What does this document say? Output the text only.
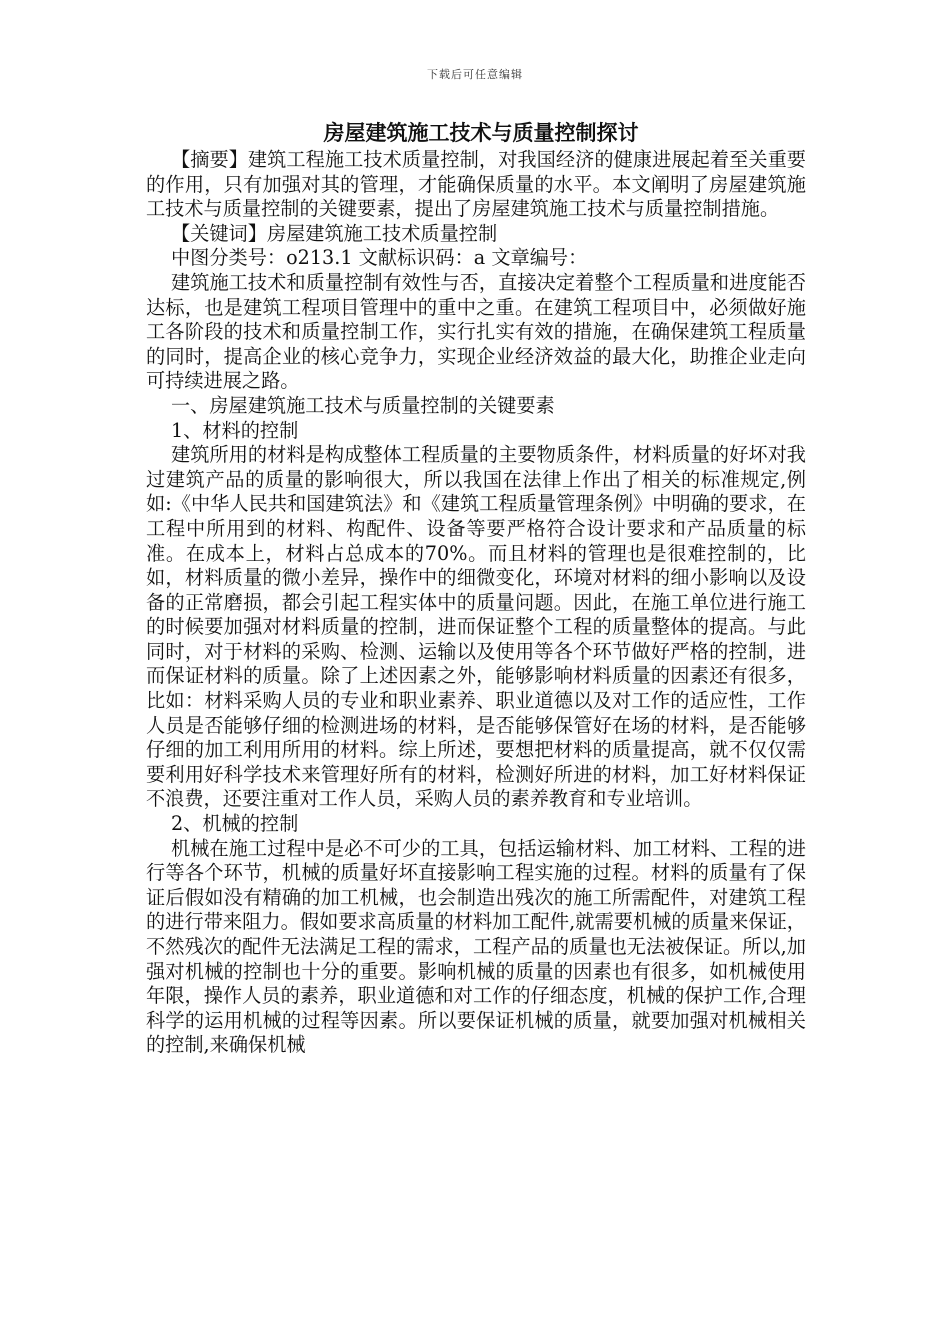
下载后可任意编辑
房屋建筑施工技术与质量控制探讨

【摘要】建筑工程施工技术质量控制，对我国经济的健康进展起着至关重要的作用，只有加强对其的管理，才能确保质量的水平。本文阐明了房屋建筑施工技术与质量控制的关键要素，提出了房屋建筑施工技术与质量控制措施。

【关键词】房屋建筑施工技术质量控制

中图分类号：o213.1 文献标识码：a 文章编号：

建筑施工技术和质量控制有效性与否，直接决定着整个工程质量和进度能否达标，也是建筑工程项目管理中的重中之重。在建筑工程项目中，必须做好施工各阶段的技术和质量控制工作，实行扎实有效的措施，在确保建筑工程质量的同时，提高企业的核心竞争力，实现企业经济效益的最大化，助推企业走向可持续进展之路。

一、房屋建筑施工技术与质量控制的关键要素

1、材料的控制

建筑所用的材料是构成整体工程质量的主要物质条件，材料质量的好坏对我过建筑产品的质量的影响很大，所以我国在法律上作出了相关的标准规定,例如:《中华人民共和国建筑法》和《建筑工程质量管理条例》中明确的要求，在工程中所用到的材料、构配件、设备等要严格符合设计要求和产品质量的标准。在成本上，材料占总成本的70%。而且材料的管理也是很难控制的，比如，材料质量的微小差异，操作中的细微变化，环境对材料的细小影响以及设备的正常磨损，都会引起工程实体中的质量问题。因此，在施工单位进行施工的时候要加强对材料质量的控制，进而保证整个工程的质量整体的提高。与此同时，对于材料的采购、检测、运输以及使用等各个环节做好严格的控制，进而保证材料的质量。除了上述因素之外，能够影响材料质量的因素还有很多，比如：材料采购人员的专业和职业素养、职业道德以及对工作的适应性，工作人员是否能够仔细的检测进场的材料，是否能够保管好在场的材料，是否能够仔细的加工利用所用的材料。综上所述，要想把材料的质量提高，就不仅仅需要利用好科学技术来管理好所有的材料，检测好所进的材料，加工好材料保证不浪费，还要注重对工作人员，采购人员的素养教育和专业培训。

2、机械的控制

机械在施工过程中是必不可少的工具，包括运输材料、加工材料、工程的进行等各个环节，机械的质量好坏直接影响工程实施的过程。材料的质量有了保证后假如没有精确的加工机械，也会制造出残次的施工所需配件，对建筑工程的进行带来阻力。假如要求高质量的材料加工配件,就需要机械的质量来保证，不然残次的配件无法满足工程的需求，工程产品的质量也无法被保证。所以,加强对机械的控制也十分的重要。影响机械的质量的因素也有很多，如机械使用年限，操作人员的素养，职业道德和对工作的仔细态度，机械的保护工作,合理科学的运用机械的过程等因素。所以要保证机械的质量，就要加强对机械相关的控制,来确保机械
